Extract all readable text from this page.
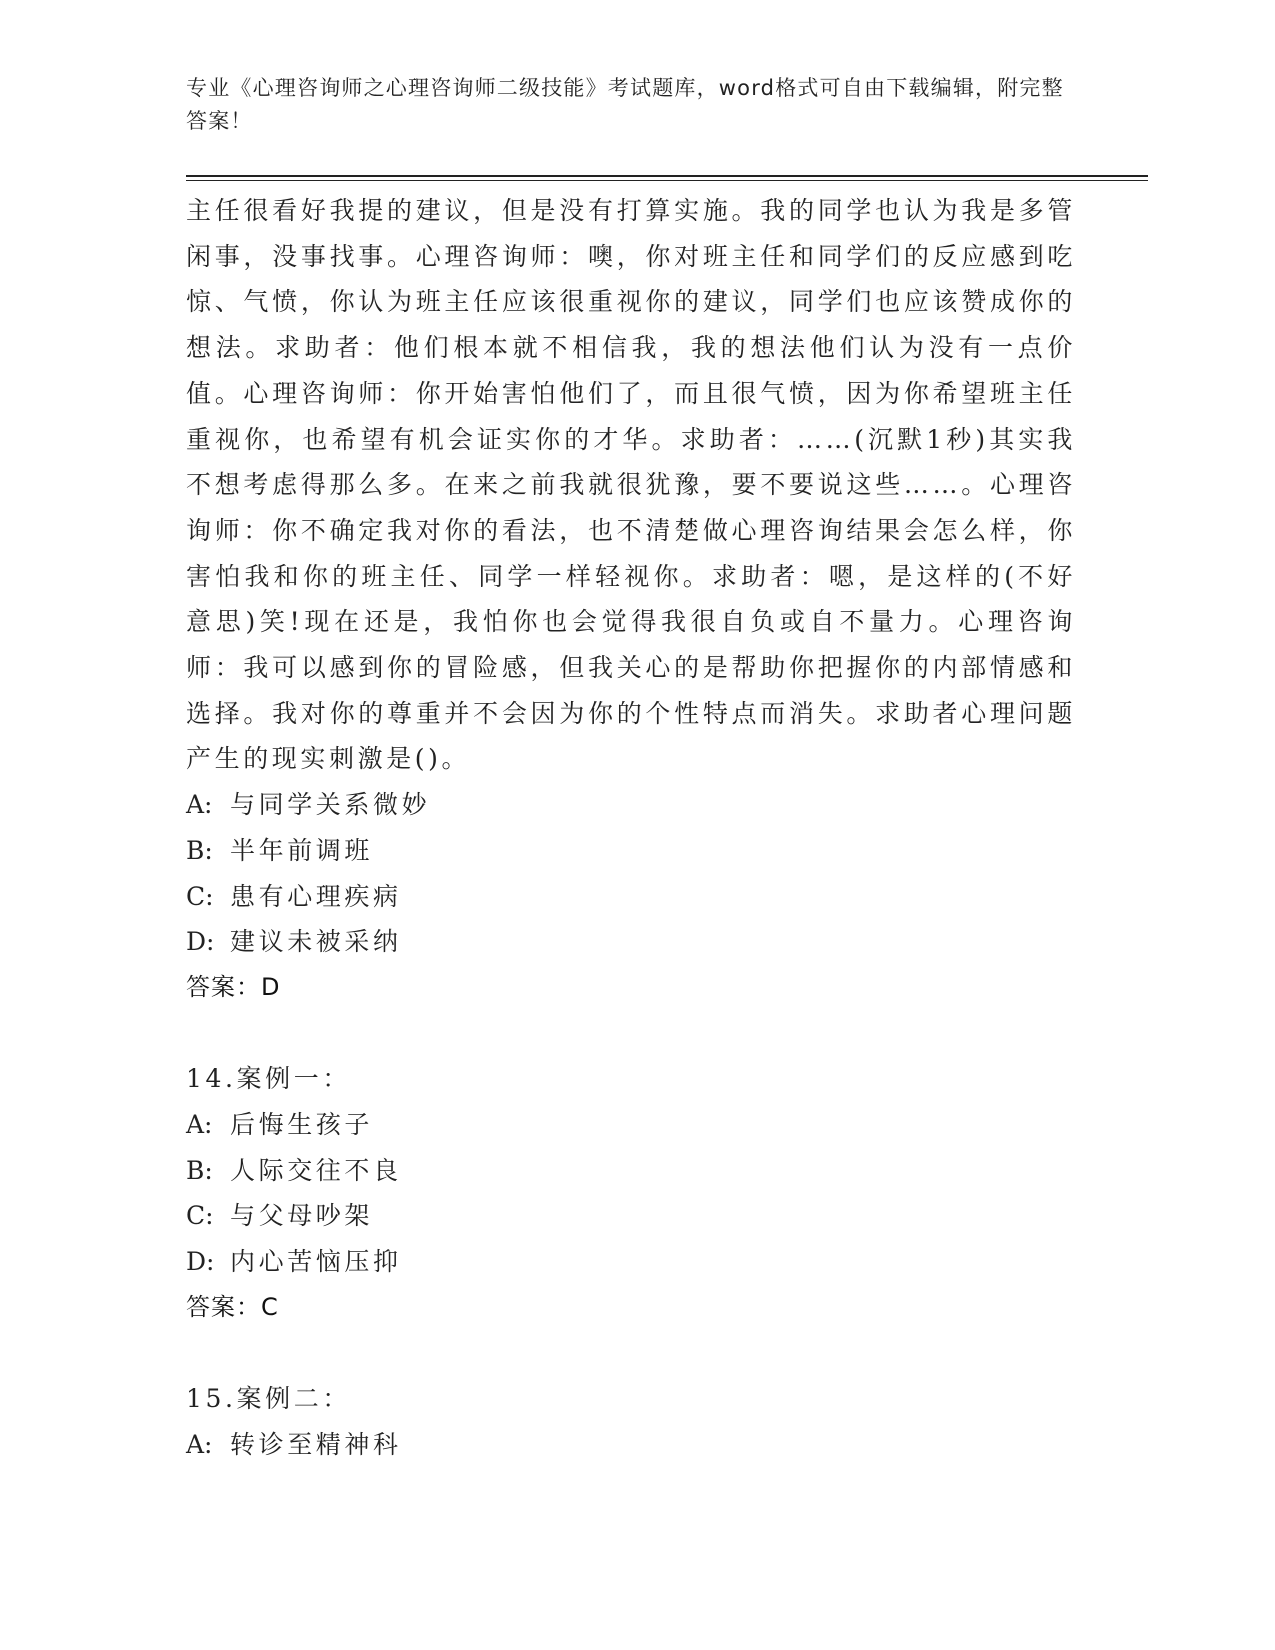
专业《心理咨询师之心理咨询师二级技能》考试题库，word格式可自由下载编辑，附完整答案！

主任很看好我提的建议，但是没有打算实施。我的同学也认为我是多管闲事，没事找事。心理咨询师：噢，你对班主任和同学们的反应感到吃惊、气愤，你认为班主任应该很重视你的建议，同学们也应该赞成你的想法。求助者：他们根本就不相信我，我的想法他们认为没有一点价值。心理咨询师：你开始害怕他们了，而且很气愤，因为你希望班主任重视你，也希望有机会证实你的才华。求助者：……(沉默1秒)其实我不想考虑得那么多。在来之前我就很犹豫，要不要说这些……。心理咨询师：你不确定我对你的看法，也不清楚做心理咨询结果会怎么样，你害怕我和你的班主任、同学一样轻视你。求助者：嗯，是这样的(不好意思)笑!现在还是，我怕你也会觉得我很自负或自不量力。心理咨询师：我可以感到你的冒险感，但我关心的是帮助你把握你的内部情感和选择。我对你的尊重并不会因为你的个性特点而消失。求助者心理问题产生的现实刺激是()。

A: 与同学关系微妙
B: 半年前调班
C: 患有心理疾病
D: 建议未被采纳
答案：D
14.案例一：
A: 后悔生孩子
B: 人际交往不良
C: 与父母吵架
D: 内心苦恼压抑
答案：C
15.案例二：
A: 转诊至精神科
